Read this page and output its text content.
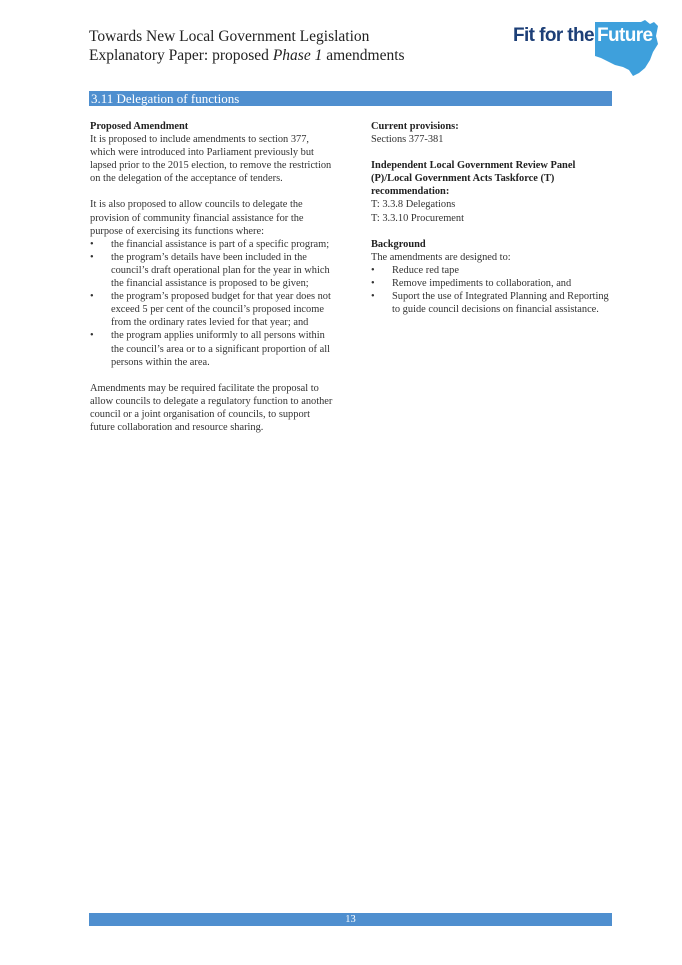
Towards New Local Government Legislation
Explanatory Paper: proposed Phase 1 amendments
Fit for the Future
3.11 Delegation of functions

Proposed Amendment

It is proposed to include amendments to section 377, which were introduced into Parliament previously but lapsed prior to the 2015 election, to remove the restriction on the delegation of the acceptance of tenders.

It is also proposed to allow councils to delegate the provision of community financial assistance for the purpose of exercising its functions where:

• the financial assistance is part of a specific program;
• the program’s details have been included in the council’s draft operational plan for the year in which the financial assistance is proposed to be given;
• the program’s proposed budget for that year does not exceed 5 per cent of the council’s proposed income from the ordinary rates levied for that year; and
• the program applies uniformly to all persons within the council’s area or to a significant proportion of all persons within the area.

Amendments may be required facilitate the proposal to allow councils to delegate a regulatory function to another council or a joint organisation of councils, to support future collaboration and resource sharing.

Current provisions:

Sections 377-381

Independent Local Government Review Panel (P)/Local Government Acts Taskforce (T) recommendation:

T: 3.3.8 Delegations

T: 3.3.10 Procurement

Background

The amendments are designed to:

• Reduce red tape
• Remove impediments to collaboration, and
• Suport the use of Integrated Planning and Reporting to guide council decisions on financial assistance.
13
